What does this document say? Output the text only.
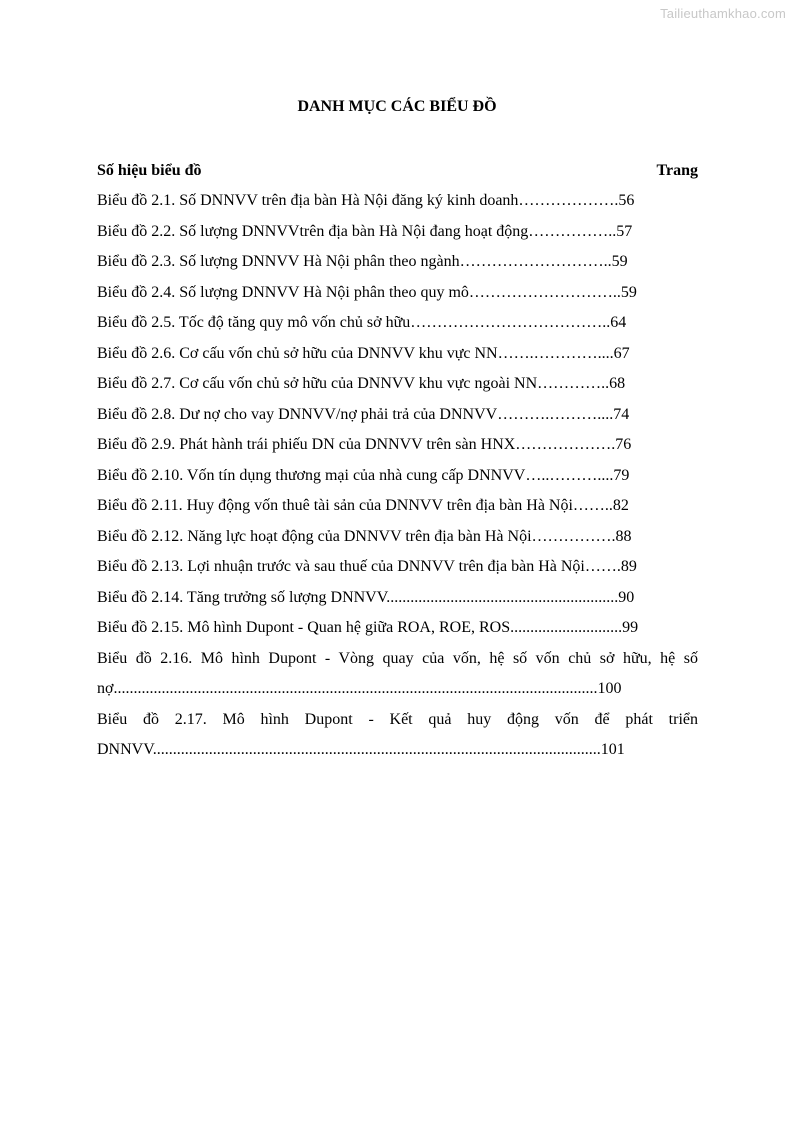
Tailieuthamkhao.com
DANH MỤC CÁC BIỂU ĐỒ
Số hiệu biểu đồ	Trang
Biểu đồ 2.1. Số DNNVV trên địa bàn Hà Nội đăng ký kinh doanh……………….56
Biểu đồ 2.2. Số lượng DNNVVtrên địa bàn Hà Nội đang hoạt động……………..57
Biểu đồ 2.3. Số lượng DNNVV Hà Nội phân theo ngành………………………..59
Biểu đồ 2.4. Số lượng DNNVV Hà Nội phân theo quy mô………………………..59
Biểu đồ 2.5. Tốc độ tăng quy mô vốn chủ sở hữu………………………………..64
Biểu đồ 2.6. Cơ cấu vốn chủ sở hữu của DNNVV khu vực NN…….…………....67
Biểu đồ 2.7. Cơ cấu vốn chủ sở hữu của DNNVV khu vực ngoài NN…………..68
Biểu đồ 2.8. Dư nợ cho vay DNNVV/nợ phải trả của DNNVV……….………....74
Biểu đồ 2.9. Phát hành trái phiếu DN của DNNVV trên sàn HNX……………….76
Biểu đồ 2.10. Vốn tín dụng thương mại của nhà cung cấp DNNVV…..………....79
Biểu đồ 2.11. Huy động vốn thuê tài sản của DNNVV trên địa bàn Hà Nội……..82
Biểu đồ 2.12. Năng lực hoạt động của DNNVV trên địa bàn Hà Nội…………….88
Biểu đồ 2.13. Lợi nhuận trước và sau thuế của DNNVV trên địa bàn Hà Nội…….89
Biểu đồ 2.14. Tăng trưởng số lượng DNNVV..........................................................90
Biểu đồ 2.15. Mô hình Dupont - Quan hệ giữa ROA, ROE, ROS............................99
Biểu đồ 2.16. Mô hình Dupont - Vòng quay của vốn, hệ số vốn chủ sở hữu, hệ số
nợ.........................................................................................................................100
Biểu đồ 2.17. Mô hình Dupont - Kết quả huy động vốn để phát triển
DNNVV................................................................................................................101
